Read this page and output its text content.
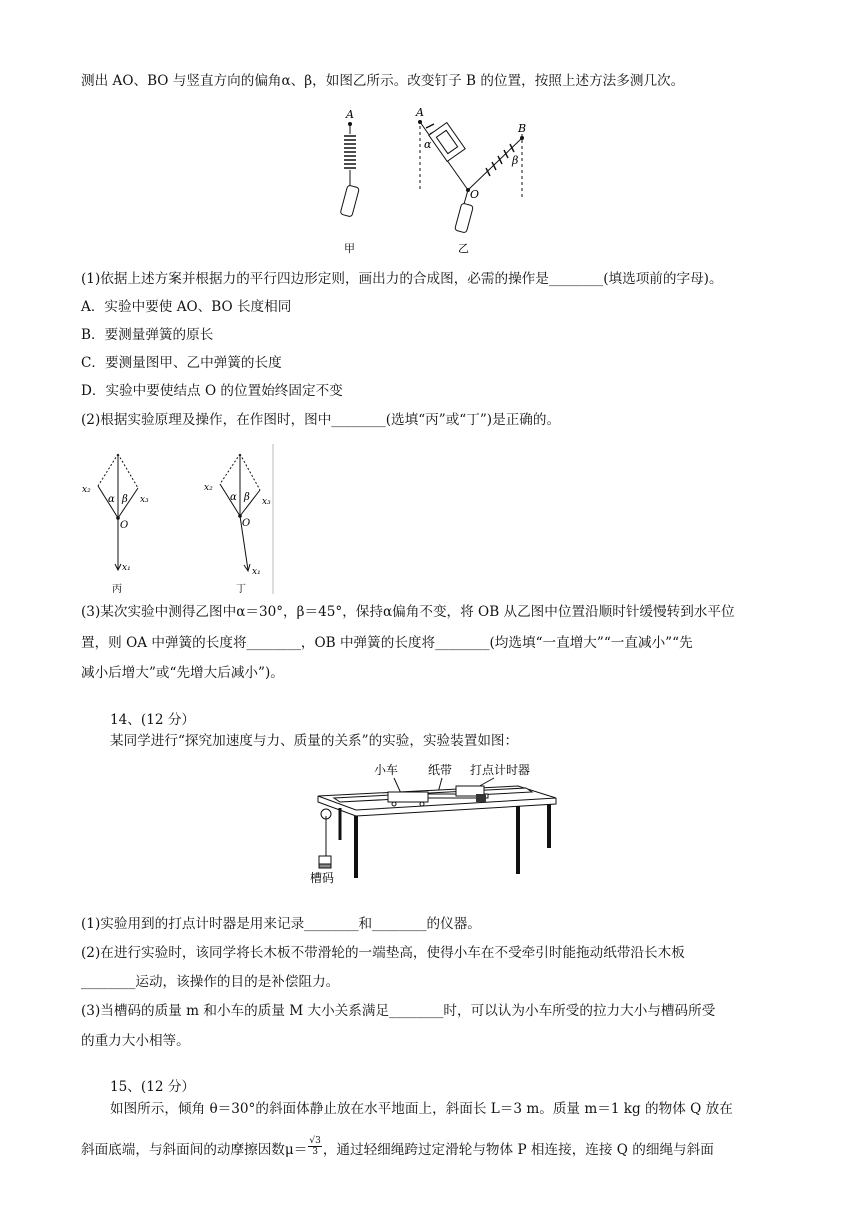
测出 AO、BO 与竖直方向的偏角α、β，如图乙所示。改变钉子 B 的位置，按照上述方法多测几次。
A
甲
A
B
α
β
O
乙
(1)依据上述方案并根据力的平行四边形定则，画出力的合成图，必需的操作是________(填选项前的字母)。
A．实验中要使 AO、BO 长度相同
B．要测量弹簧的原长
C．要测量图甲、乙中弹簧的长度
D．实验中要使结点 O 的位置始终固定不变
(2)根据实验原理及操作，在作图时，图中________(选填“丙”或“丁”)是正确的。
x₂
x₃
x₁
α β
O
丙
x₂
x₃
x₁
α β
O
丁
(3)某次实验中测得乙图中α＝30°，β＝45°，保持α偏角不变，将 OB 从乙图中位置沿顺时针缓慢转到水平位
置，则 OA 中弹簧的长度将________，OB 中弹簧的长度将________(均选填“一直增大”“一直减小”“先
减小后增大”或“先增大后减小”)。
14、(12 分）
某同学进行“探究加速度与力、质量的关系”的实验，实验装置如图：
小车 纸带 打点计时器
槽码
(1)实验用到的打点计时器是用来记录________和________的仪器。
(2)在进行实验时，该同学将长木板不带滑轮的一端垫高，使得小车在不受牵引时能拖动纸带沿长木板
________运动，该操作的目的是补偿阻力。
(3)当槽码的质量 m 和小车的质量 M 大小关系满足________时，可以认为小车所受的拉力大小与槽码所受
的重力大小相等。
15、(12 分）
如图所示，倾角 θ＝30°的斜面体静止放在水平地面上，斜面长 L＝3 m。质量 m＝1 kg 的物体 Q 放在
斜面底端，与斜面间的动摩擦因数$\mu= \frac{√3}{3}$ ，通过轻细绳跨过定滑轮与物体 P 相连接，连接 Q 的细绳与斜面
